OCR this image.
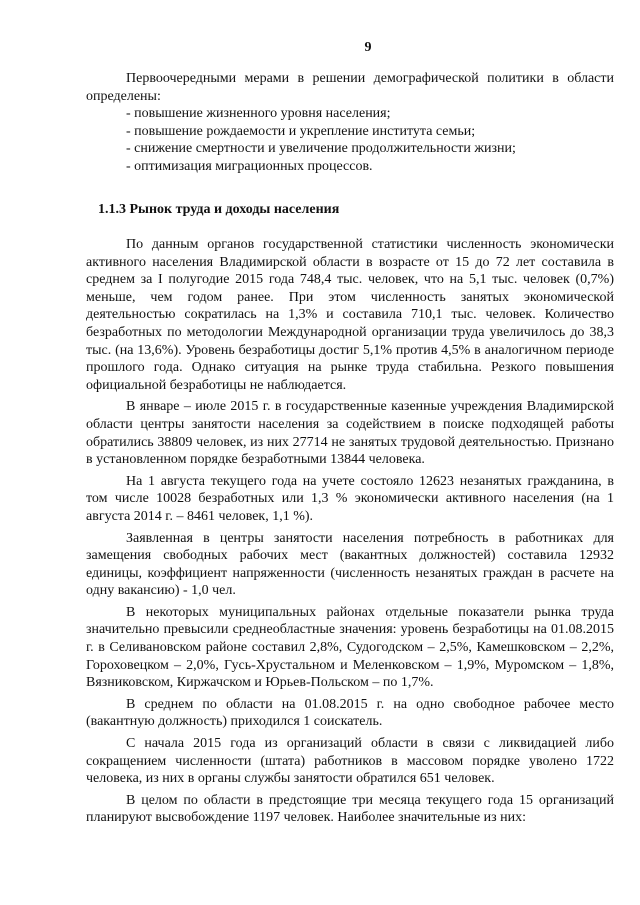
9

Первоочередными мерами в решении демографической политики в области определены:

- повышение жизненного уровня населения;
- повышение рождаемости и укрепление института семьи;
- снижение смертности и увеличение продолжительности жизни;
- оптимизация миграционных процессов.
1.1.3 Рынок труда и доходы населения

По данным органов государственной статистики численность экономически активного населения Владимирской области в возрасте от 15 до 72 лет составила в среднем за I полугодие 2015 года 748,4 тыс. человек, что на 5,1 тыс. человек (0,7%) меньше, чем годом ранее. При этом численность занятых экономической деятельностью сократилась на 1,3% и составила 710,1 тыс. человек. Количество безработных по методологии Международной организации труда увеличилось до 38,3 тыс. (на 13,6%). Уровень безработицы достиг 5,1% против 4,5% в аналогичном периоде прошлого года. Однако ситуация на рынке труда стабильна. Резкого повышения официальной безработицы не наблюдается.

В январе – июле 2015 г. в государственные казенные учреждения Владимирской области центры занятости населения за содействием в поиске подходящей работы обратились 38809 человек, из них 27714 не занятых трудовой деятельностью. Признано в установленном порядке безработными 13844 человека.

На 1 августа текущего года на учете состояло 12623 незанятых гражданина, в том числе 10028 безработных или 1,3 % экономически активного населения (на 1 августа 2014 г. – 8461 человек, 1,1 %).

Заявленная в центры занятости населения потребность в работниках для замещения свободных рабочих мест (вакантных должностей) составила 12932 единицы, коэффициент напряженности (численность незанятых граждан в расчете на одну вакансию) - 1,0 чел.

В некоторых муниципальных районах отдельные показатели рынка труда значительно превысили среднеобластные значения: уровень безработицы на 01.08.2015 г. в Селивановском районе составил 2,8%, Судогодском – 2,5%, Камешковском – 2,2%, Гороховецком – 2,0%, Гусь-Хрустальном и Меленковском – 1,9%, Муромском – 1,8%, Вязниковском, Киржачском и Юрьев-Польском – по 1,7%.

В среднем по области на 01.08.2015 г. на одно свободное рабочее место (вакантную должность) приходился 1 соискатель.

С начала 2015 года из организаций области в связи с ликвидацией либо сокращением численности (штата) работников в массовом порядке уволено 1722 человека, из них в органы службы занятости обратился 651 человек.

В целом по области в предстоящие три месяца текущего года 15 организаций планируют высвобождение 1197 человек. Наиболее значительные из них:
